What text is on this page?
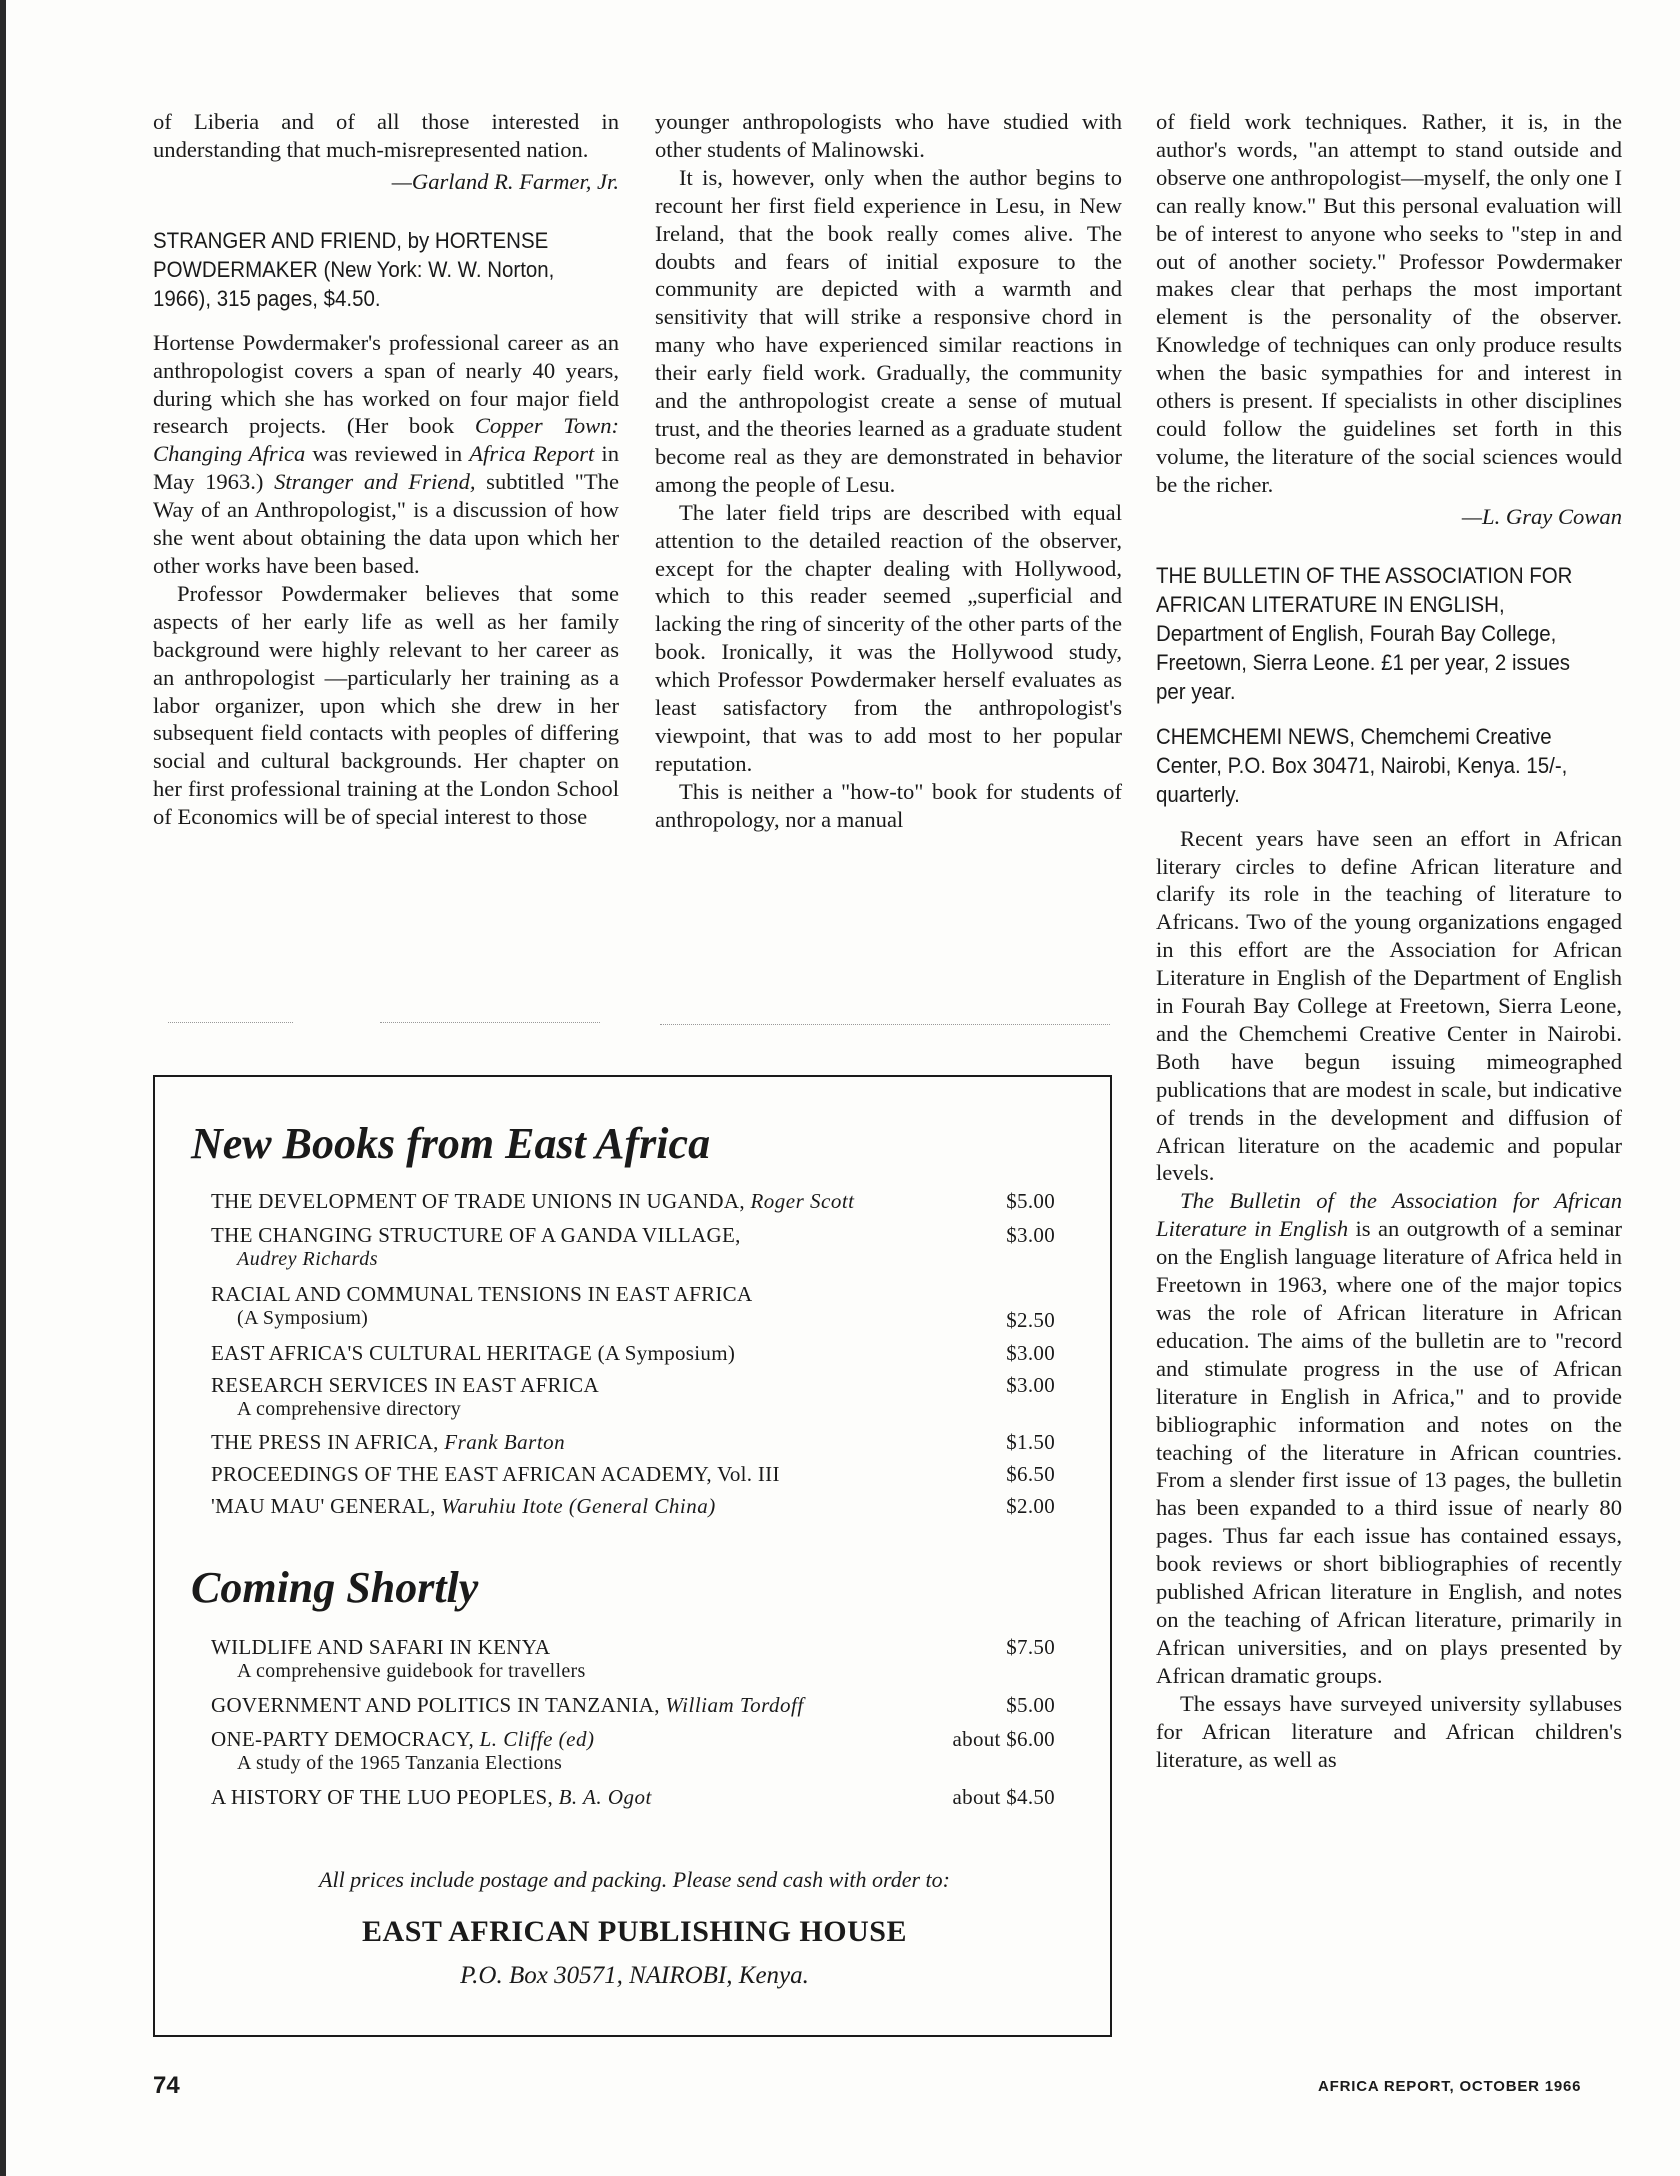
of Liberia and of all those interested in understanding that much-misrepresented nation.

—Garland R. Farmer, Jr.

STRANGER AND FRIEND, by HORTENSE POWDERMAKER (New York: W. W. Norton, 1966), 315 pages, $4.50.

Hortense Powdermaker's professional career as an anthropologist covers a span of nearly 40 years, during which she has worked on four major field research projects. (Her book Copper Town: Changing Africa was reviewed in Africa Report in May 1963.) Stranger and Friend, subtitled "The Way of an Anthropologist," is a discussion of how she went about obtaining the data upon which her other works have been based.

Professor Powdermaker believes that some aspects of her early life as well as her family background were highly relevant to her career as an anthropologist —particularly her training as a labor organizer, upon which she drew in her subsequent field contacts with peoples of differing social and cultural backgrounds. Her chapter on her first professional training at the London School of Economics will be of special interest to those

younger anthropologists who have studied with other students of Malinowski.

It is, however, only when the author begins to recount her first field experience in Lesu, in New Ireland, that the book really comes alive. The doubts and fears of initial exposure to the community are depicted with a warmth and sensitivity that will strike a responsive chord in many who have experienced similar reactions in their early field work. Gradually, the community and the anthropologist create a sense of mutual trust, and the theories learned as a graduate student become real as they are demonstrated in behavior among the people of Lesu.

The later field trips are described with equal attention to the detailed reaction of the observer, except for the chapter dealing with Hollywood, which to this reader seemed „superficial and lacking the ring of sincerity of the other parts of the book. Ironically, it was the Hollywood study, which Professor Powdermaker herself evaluates as least satisfactory from the anthropologist's viewpoint, that was to add most to her popular reputation.

This is neither a "how-to" book for students of anthropology, nor a manual

of field work techniques. Rather, it is, in the author's words, "an attempt to stand outside and observe one anthropologist—myself, the only one I can really know." But this personal evaluation will be of interest to anyone who seeks to "step in and out of another society." Professor Powdermaker makes clear that perhaps the most important element is the personality of the observer. Knowledge of techniques can only produce results when the basic sympathies for and interest in others is present. If specialists in other disciplines could follow the guidelines set forth in this volume, the literature of the social sciences would be the richer.

—L. Gray Cowan

THE BULLETIN OF THE ASSOCIATION FOR AFRICAN LITERATURE IN ENGLISH, Department of English, Fourah Bay College, Freetown, Sierra Leone. £1 per year, 2 issues per year.

CHEMCHEMI NEWS, Chemchemi Creative Center, P.O. Box 30471, Nairobi, Kenya. 15/-, quarterly.

Recent years have seen an effort in African literary circles to define African literature and clarify its role in the teaching of literature to Africans. Two of the young organizations engaged in this effort are the Association for African Literature in English of the Department of English in Fourah Bay College at Freetown, Sierra Leone, and the Chemchemi Creative Center in Nairobi. Both have begun issuing mimeographed publications that are modest in scale, but indicative of trends in the development and diffusion of African literature on the academic and popular levels.

The Bulletin of the Association for African Literature in English is an outgrowth of a seminar on the English language literature of Africa held in Freetown in 1963, where one of the major topics was the role of African literature in African education. The aims of the bulletin are to "record and stimulate progress in the use of African literature in English in Africa," and to provide bibliographic information and notes on the teaching of the literature in African countries. From a slender first issue of 13 pages, the bulletin has been expanded to a third issue of nearly 80 pages. Thus far each issue has contained essays, book reviews or short bibliographies of recently published African literature in English, and notes on the teaching of African literature, primarily in African universities, and on plays presented by African dramatic groups.

The essays have surveyed university syllabuses for African literature and African children's literature, as well as

New Books from East Africa
THE DEVELOPMENT OF TRADE UNIONS IN UGANDA, Roger Scott	$5.00
THE CHANGING STRUCTURE OF A GANDA VILLAGE,
Audrey Richards
$3.00
RACIAL AND COMMUNAL TENSIONS IN EAST AFRICA
(A Symposium)	$2.50
EAST AFRICA'S CULTURAL HERITAGE (A Symposium)	$3.00
RESEARCH SERVICES IN EAST AFRICA
A comprehensive directory
$3.00
THE PRESS IN AFRICA, Frank Barton	$1.50
PROCEEDINGS OF THE EAST AFRICAN ACADEMY, Vol. III	$6.50
'MAU MAU' GENERAL, Waruhiu Itote (General China)	$2.00
Coming Shortly
WILDLIFE AND SAFARI IN KENYA
A comprehensive guidebook for travellers
$7.50
GOVERNMENT AND POLITICS IN TANZANIA, William Tordoff	$5.00
ONE-PARTY DEMOCRACY, L. Cliffe (ed)
A study of the 1965 Tanzania Elections
about $6.00
A HISTORY OF THE LUO PEOPLES, B. A. Ogot	about $4.50
All prices include postage and packing. Please send cash with order to:
EAST AFRICAN PUBLISHING HOUSE
P.O. Box 30571, NAIROBI, Kenya.
74	AFRICA REPORT, OCTOBER 1966
